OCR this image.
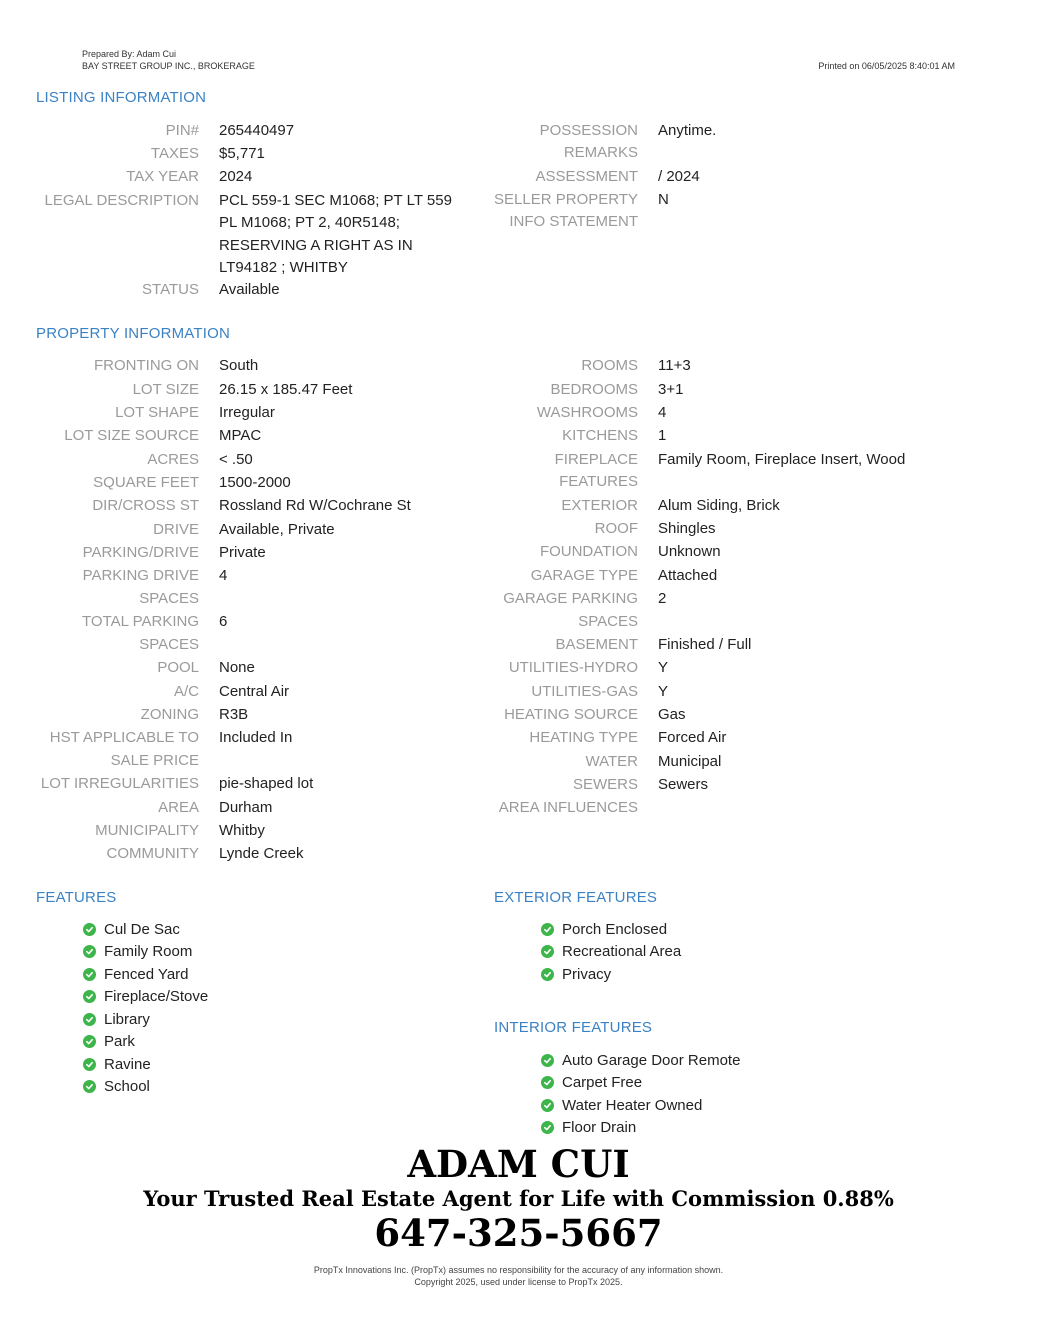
Prepared By: Adam Cui
BAY STREET GROUP INC., BROKERAGE	Printed on 06/05/2025 8:40:01 AM
LISTING INFORMATION
PIN# 265440497
TAXES $5,771
TAX YEAR 2024
LEGAL DESCRIPTION PCL 559-1 SEC M1068; PT LT 559
PL M1068; PT 2, 40R5148;
RESERVING A RIGHT AS IN
LT94182 ; WHITBY
STATUS Available
POSSESSION
REMARKS
Anytime.
ASSESSMENT / 2024
SELLER PROPERTY
INFO STATEMENT
N
PROPERTY INFORMATION
FRONTING ON South
LOT SIZE 26.15 x 185.47 Feet
LOT SHAPE Irregular
LOT SIZE SOURCE MPAC
ACRES < .50
SQUARE FEET 1500-2000
DIR/CROSS ST Rossland Rd W/Cochrane St
DRIVE Available, Private
PARKING/DRIVE Private
PARKING DRIVE
SPACES
4
TOTAL PARKING
SPACES
6
POOL None
A/C Central Air
ZONING R3B
HST APPLICABLE TO
SALE PRICE
Included In
LOT IRREGULARITIES pie-shaped lot
AREA Durham
MUNICIPALITY Whitby
COMMUNITY Lynde Creek
ROOMS 11+3
BEDROOMS 3+1
WASHROOMS 4
KITCHENS 1
FIREPLACE
FEATURES
Family Room, Fireplace Insert, Wood
EXTERIOR Alum Siding, Brick
ROOF Shingles
FOUNDATION Unknown
GARAGE TYPE Attached
GARAGE PARKING
SPACES
2
BASEMENT Finished / Full
UTILITIES-HYDRO Y
UTILITIES-GAS Y
HEATING SOURCE Gas
HEATING TYPE Forced Air
WATER Municipal
SEWERS Sewers
AREA INFLUENCES
FEATURES
Cul De Sac
Family Room
Fenced Yard
Fireplace/Stove
Library
Park
Ravine
School
EXTERIOR FEATURES
Porch Enclosed
Recreational Area
Privacy
INTERIOR FEATURES
Auto Garage Door Remote
Carpet Free
Water Heater Owned
Floor Drain
ADAM CUI
Your Trusted Real Estate Agent for Life with Commission 0.88%
647-325-5667
PropTx Innovations Inc. (PropTx) assumes no responsibility for the accuracy of any information shown.
Copyright 2025, used under license to PropTx 2025.
